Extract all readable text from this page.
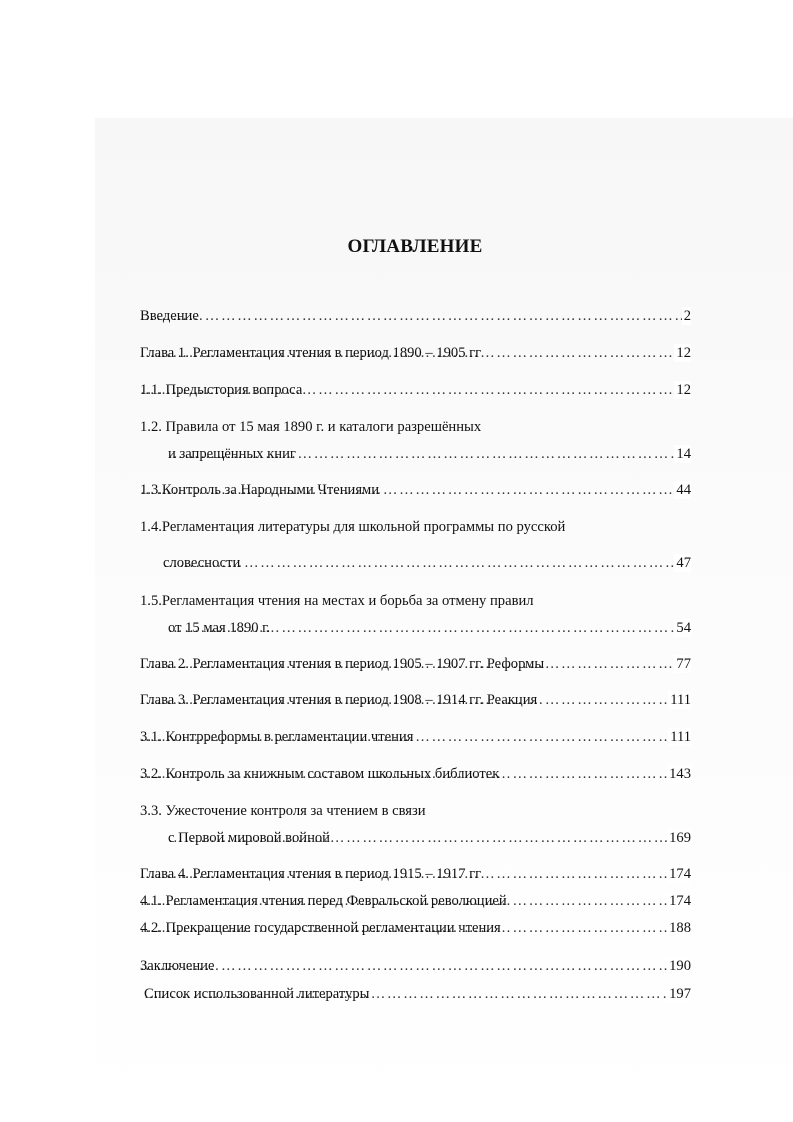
ОГЛАВЛЕНИЕ
……………………………………………………………………………………………………………………………………………………………………
Введение	2
……………………………………………………………………………………………………………………………………………………………………
Глава 1. Регламентация чтения в период 1890 – 1905 гг	12
……………………………………………………………………………………………………………………………………………………………………
1.1. Предыстория вопроса	12
1.2. Правила от 15 мая 1890 г. и каталоги разрешённых
……………………………………………………………………………………………………………………………………………………………………
и запрещённых книг	14
……………………………………………………………………………………………………………………………………………………………………
1.3.Контроль за Народными Чтениями	44
1.4.Регламентация литературы для школьной программы по русской
……………………………………………………………………………………………………………………………………………………………………
словесности	47
1.5.Регламентация чтения на местах и борьба за отмену правил
……………………………………………………………………………………………………………………………………………………………………
от 15 мая 1890 г.	54
……………………………………………………………………………………………………………………………………………………………………
Глава 2. Регламентация чтения в период 1905 – 1907 гг. Реформы	77
……………………………………………………………………………………………………………………………………………………………………
Глава 3. Регламентация чтения в период 1908 – 1914 гг. Реакция	111
……………………………………………………………………………………………………………………………………………………………………
3.1. Контрреформы в регламентации чтения	111
……………………………………………………………………………………………………………………………………………………………………
3.2. Контроль за книжным составом школьных библиотек	143
3.3. Ужесточение контроля за чтением в связи
……………………………………………………………………………………………………………………………………………………………………
с Первой мировой войной	169
……………………………………………………………………………………………………………………………………………………………………
Глава 4. Регламентация чтения в период 1915 – 1917 гг	174
……………………………………………………………………………………………………………………………………………………………………
4.1. Регламентация чтения перед Февральской революцией	174
……………………………………………………………………………………………………………………………………………………………………
4.2. Прекращение государственной регламентации чтения	188
……………………………………………………………………………………………………………………………………………………………………
Заключение	190
……………………………………………………………………………………………………………………………………………………………………
Список использованной литературы	197
